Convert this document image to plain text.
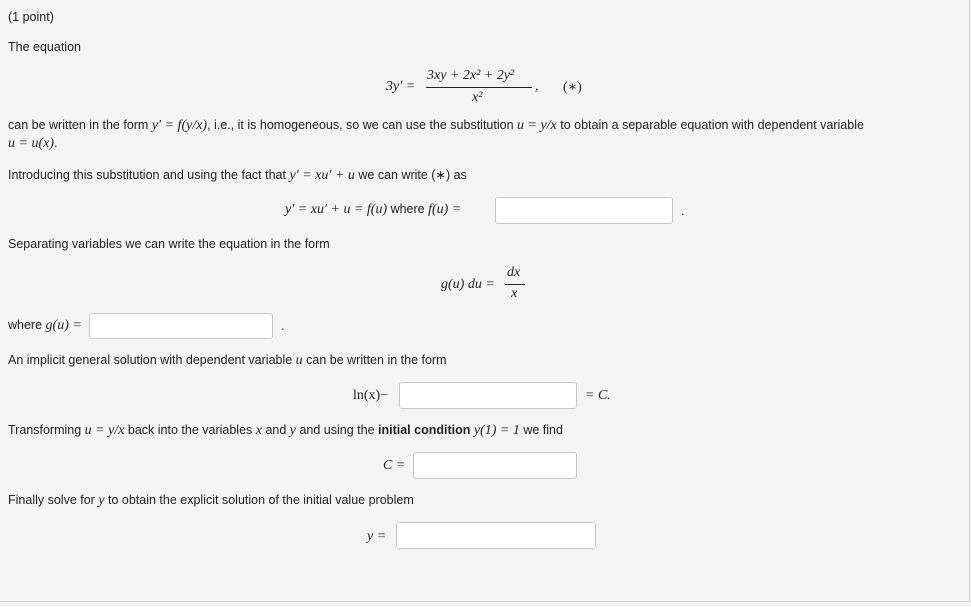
(1 point)
The equation
3y′ =
3xy + 2x² + 2y²
x²
, (∗)
can be written in the form y′ = f(y/x), i.e., it is homogeneous, so we can use the substitution u = y/x to obtain a separable equation with dependent variable
u = u(x).
Introducing this substitution and using the fact that y′ = xu′ + u we can write (∗) as
y′ = xu′ + u = f(u) where f(u) =	.
Separating variables we can write the equation in the form
g(u) du =
dx
x
where g(u) =	.
An implicit general solution with dependent variable u can be written in the form
ln(x)−	= C.
Transforming u = y/x back into the variables x and y and using the initial condition y(1) = 1 we find
C =
Finally solve for y to obtain the explicit solution of the initial value problem
y =
